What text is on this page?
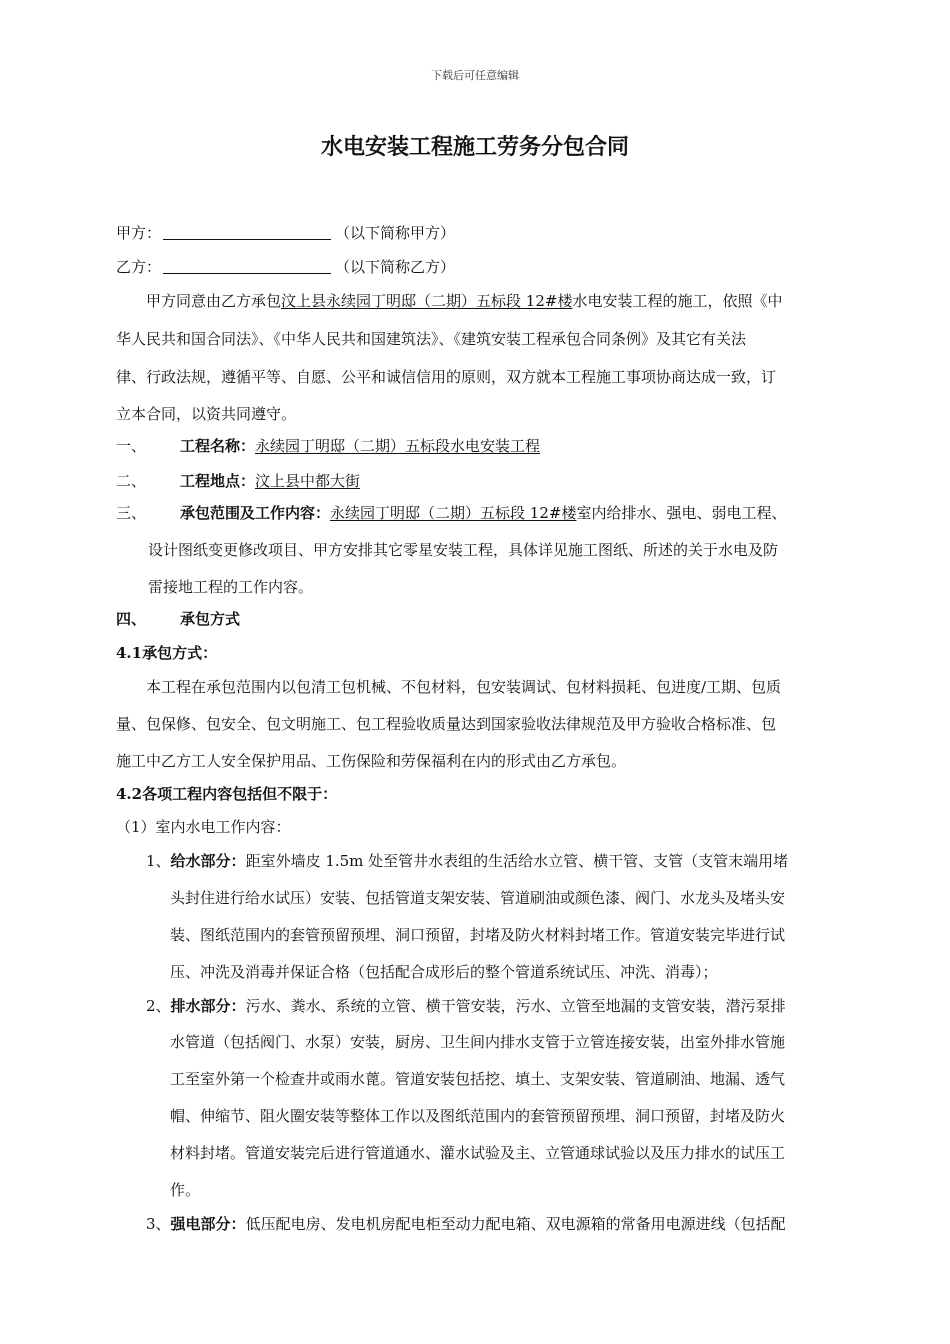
下载后可任意编辑
水电安装工程施工劳务分包合同
甲方：	（以下简称甲方）
乙方：	（以下简称乙方）
甲方同意由乙方承包汶上县永续园丁明邸（二期）五标段 12#楼水电安装工程的施工，依照《中
华人民共和国合同法》、《中华人民共和国建筑法》、《建筑安装工程承包合同条例》及其它有关法
律、行政法规，遵循平等、自愿、公平和诚信信用的原则，双方就本工程施工事项协商达成一致，订
立本合同，以资共同遵守。
一、 工程名称：永续园丁明邸（二期）五标段水电安装工程
二、 工程地点：汶上县中都大街
三、 承包范围及工作内容：永续园丁明邸（二期）五标段 12#楼室内给排水、强电、弱电工程、
设计图纸变更修改项目、甲方安排其它零星安装工程，具体详见施工图纸、所述的关于水电及防
雷接地工程的工作内容。
四、 承包方式
4.1承包方式：
本工程在承包范围内以包清工包机械、不包材料，包安装调试、包材料损耗、包进度/工期、包质
量、包保修、包安全、包文明施工、包工程验收质量达到国家验收法律规范及甲方验收合格标准、包
施工中乙方工人安全保护用品、工伤保险和劳保福利在内的形式由乙方承包。
4.2各项工程内容包括但不限于：
（1）室内水电工作内容：
1、给水部分：距室外墙皮 1.5m 处至管井水表组的生活给水立管、横干管、支管（支管末端用堵
头封住进行给水试压）安装、包括管道支架安装、管道刷油或颜色漆、阀门、水龙头及堵头安
装、图纸范围内的套管预留预埋、洞口预留，封堵及防火材料封堵工作。管道安装完毕进行试
压、冲洗及消毒并保证合格（包括配合成形后的整个管道系统试压、冲洗、消毒）；
2、排水部分：污水、粪水、系统的立管、横干管安装，污水、立管至地漏的支管安装，潜污泵排
水管道（包括阀门、水泵）安装，厨房、卫生间内排水支管于立管连接安装，出室外排水管施
工至室外第一个检查井或雨水蓖。管道安装包括挖、填土、支架安装、管道刷油、地漏、透气
帽、伸缩节、阻火圈安装等整体工作以及图纸范围内的套管预留预埋、洞口预留，封堵及防火
材料封堵。管道安装完后进行管道通水、灌水试验及主、立管通球试验以及压力排水的试压工
作。
3、强电部分：低压配电房、发电机房配电柜至动力配电箱、双电源箱的常备用电源进线（包括配
